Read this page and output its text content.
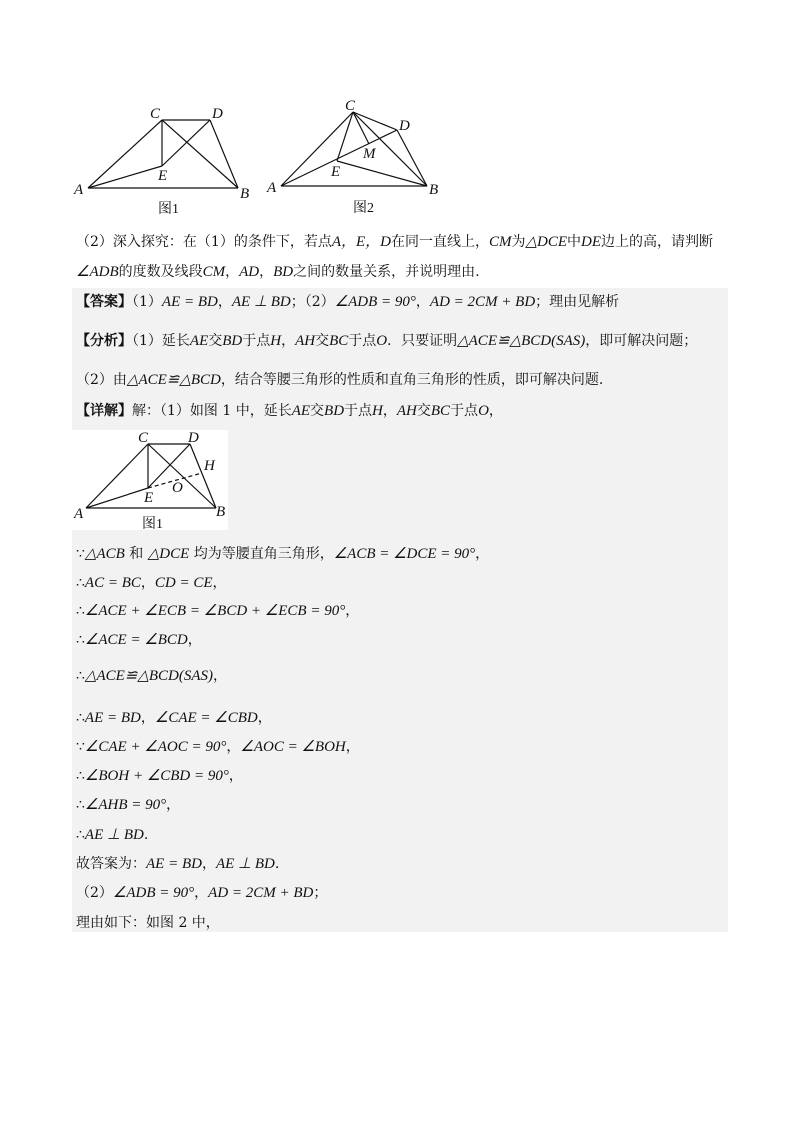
C	D
E
A	B
图1
C
D
M
E
A	B
图2
（2）深入探究：在（1）的条件下，若点A，E，D在同一直线上，CM为△DCE中DE边上的高，请判断
∠ADB的度数及线段CM，AD，BD之间的数量关系，并说明理由.
【答案】（1）AE = BD，AE ⊥ BD；（2）∠ADB = 90°，AD = 2CM + BD；理由见解析
【分析】（1）延长AE交BD于点H，AH交BC于点O．只要证明△ACE≌△BCD(SAS)，即可解决问题；
（2）由△ACE≌△BCD，结合等腰三角形的性质和直角三角形的性质，即可解决问题.
【详解】解：（1）如图 1 中，延长AE交BD于点H，AH交BC于点O，
C	D
H
E
O
A	B
图1
∵△ACB 和 △DCE 均为等腰直角三角形，∠ACB = ∠DCE = 90°，
∴AC = BC，CD = CE，
∴∠ACE + ∠ECB = ∠BCD + ∠ECB = 90°，
∴∠ACE = ∠BCD，
∴△ACE≌△BCD(SAS)，
∴AE = BD，∠CAE = ∠CBD，
∵∠CAE + ∠AOC = 90°，∠AOC = ∠BOH，
∴∠BOH + ∠CBD = 90°，
∴∠AHB = 90°，
∴AE ⊥ BD.
故答案为：AE = BD，AE ⊥ BD.
（2）∠ADB = 90°，AD = 2CM + BD；
理由如下：如图 2 中，
